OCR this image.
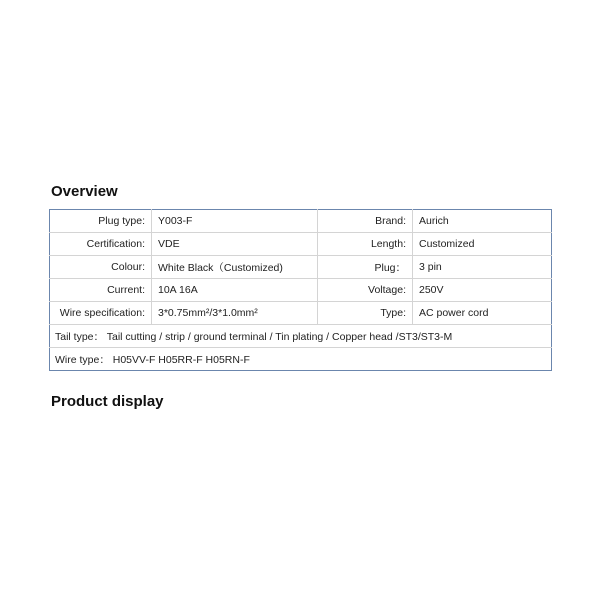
Overview
Plug type:	Y003-F	Brand:	Aurich
Certification:	VDE	Length:	Customized
Colour:	White Black（Customized)	Plug：	3 pin
Current:	10A 16A	Voltage:	250V
Wire specification:	3*0.75mm²/3*1.0mm²	Type:	AC power cord
Tail type： Tail cutting / strip / ground terminal / Tin plating / Copper head /ST3/ST3-M			
Wire type： H05VV-F H05RR-F H05RN-F			
Product display
